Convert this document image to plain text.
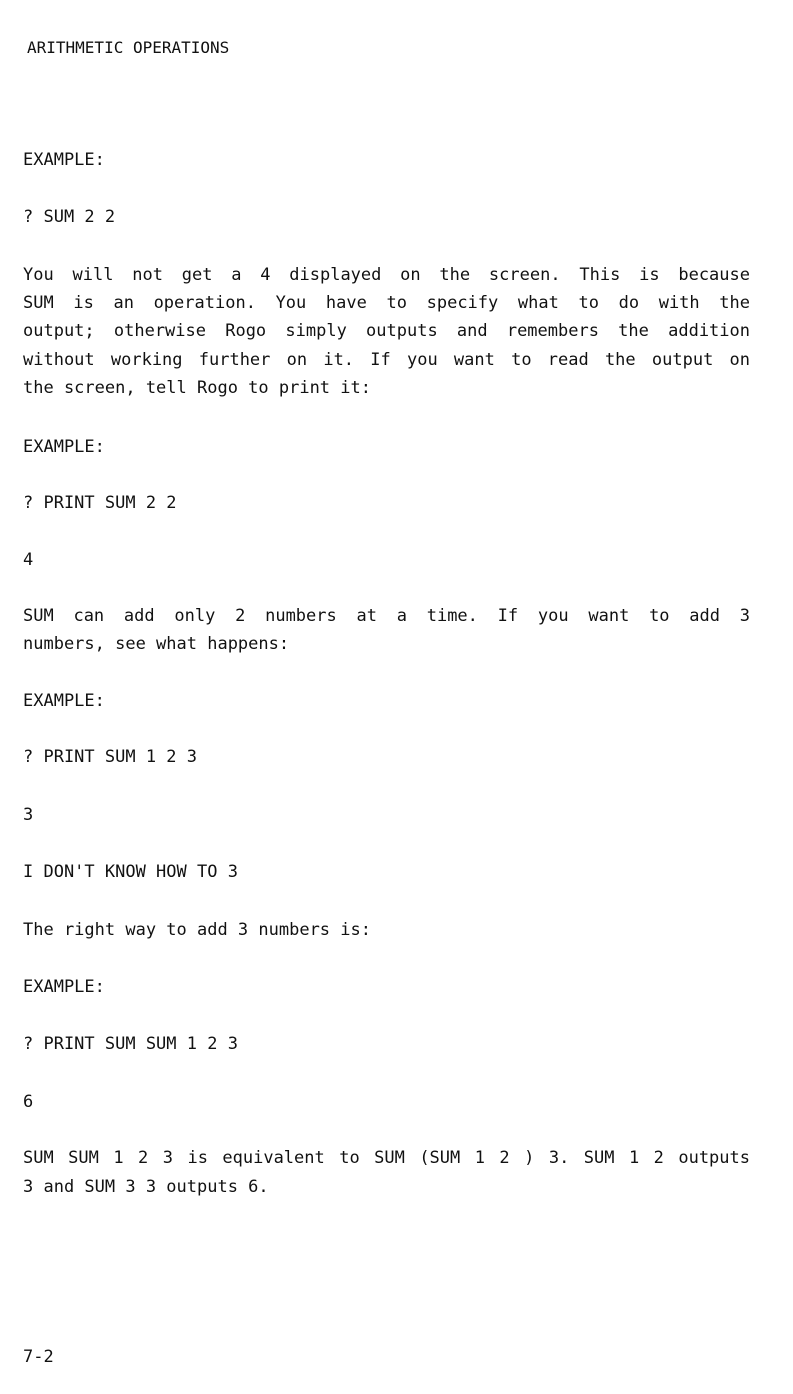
ARITHMETIC OPERATIONS
EXAMPLE:
? SUM 2 2
You will not get a 4 displayed on the screen. This is because
SUM is an operation. You have to specify what to do with the
output; otherwise Rogo simply outputs and remembers the addition
without working further on it. If you want to read the output on
the screen, tell Rogo to print it:
EXAMPLE:
? PRINT SUM 2 2
4
SUM can add only 2 numbers at a time. If you want to add 3
numbers, see what happens:
EXAMPLE:
? PRINT SUM 1 2 3
3
I DON'T KNOW HOW TO 3
The right way to add 3 numbers is:
EXAMPLE:
? PRINT SUM SUM 1 2 3
6
SUM SUM 1 2 3 is equivalent to SUM (SUM 1 2 ) 3. SUM 1 2 outputs
3 and SUM 3 3 outputs 6.
7-2
